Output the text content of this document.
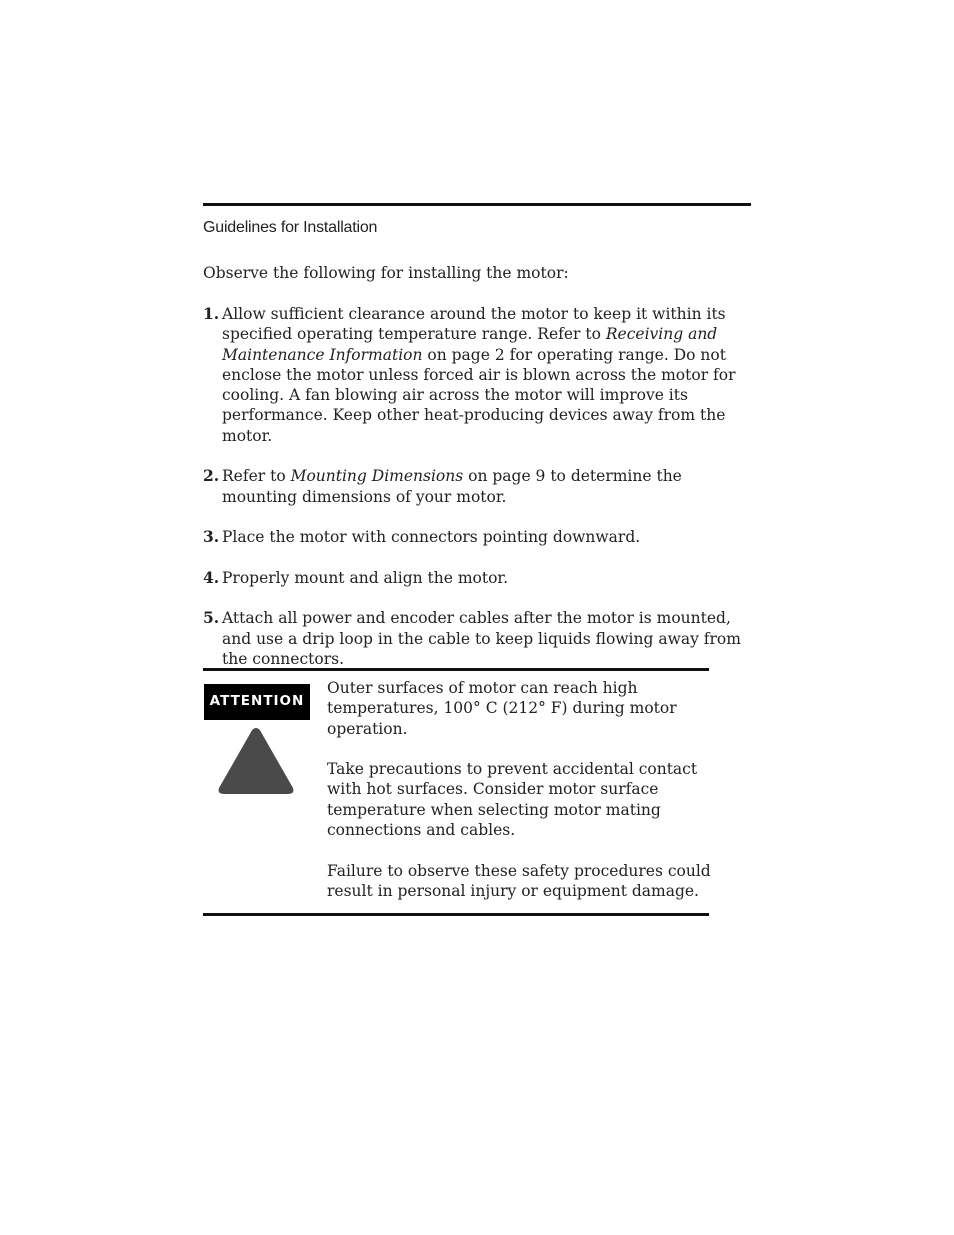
Guidelines for Installation
Observe the following for installing the motor:
1. Allow sufficient clearance around the motor to keep it within its specified operating temperature range. Refer to Receiving and Maintenance Information on page 2 for operating range. Do not enclose the motor unless forced air is blown across the motor for cooling. A fan blowing air across the motor will improve its performance. Keep other heat-producing devices away from the motor.
2. Refer to Mounting Dimensions on page 9 to determine the mounting dimensions of your motor.
3. Place the motor with connectors pointing downward.
4. Properly mount and align the motor.
5. Attach all power and encoder cables after the motor is mounted, and use a drip loop in the cable to keep liquids flowing away from the connectors.
ATTENTION

Outer surfaces of motor can reach high temperatures, 100° C (212° F) during motor operation.

Take precautions to prevent accidental contact with hot surfaces. Consider motor surface temperature when selecting motor mating connections and cables.

Failure to observe these safety procedures could result in personal injury or equipment damage.
